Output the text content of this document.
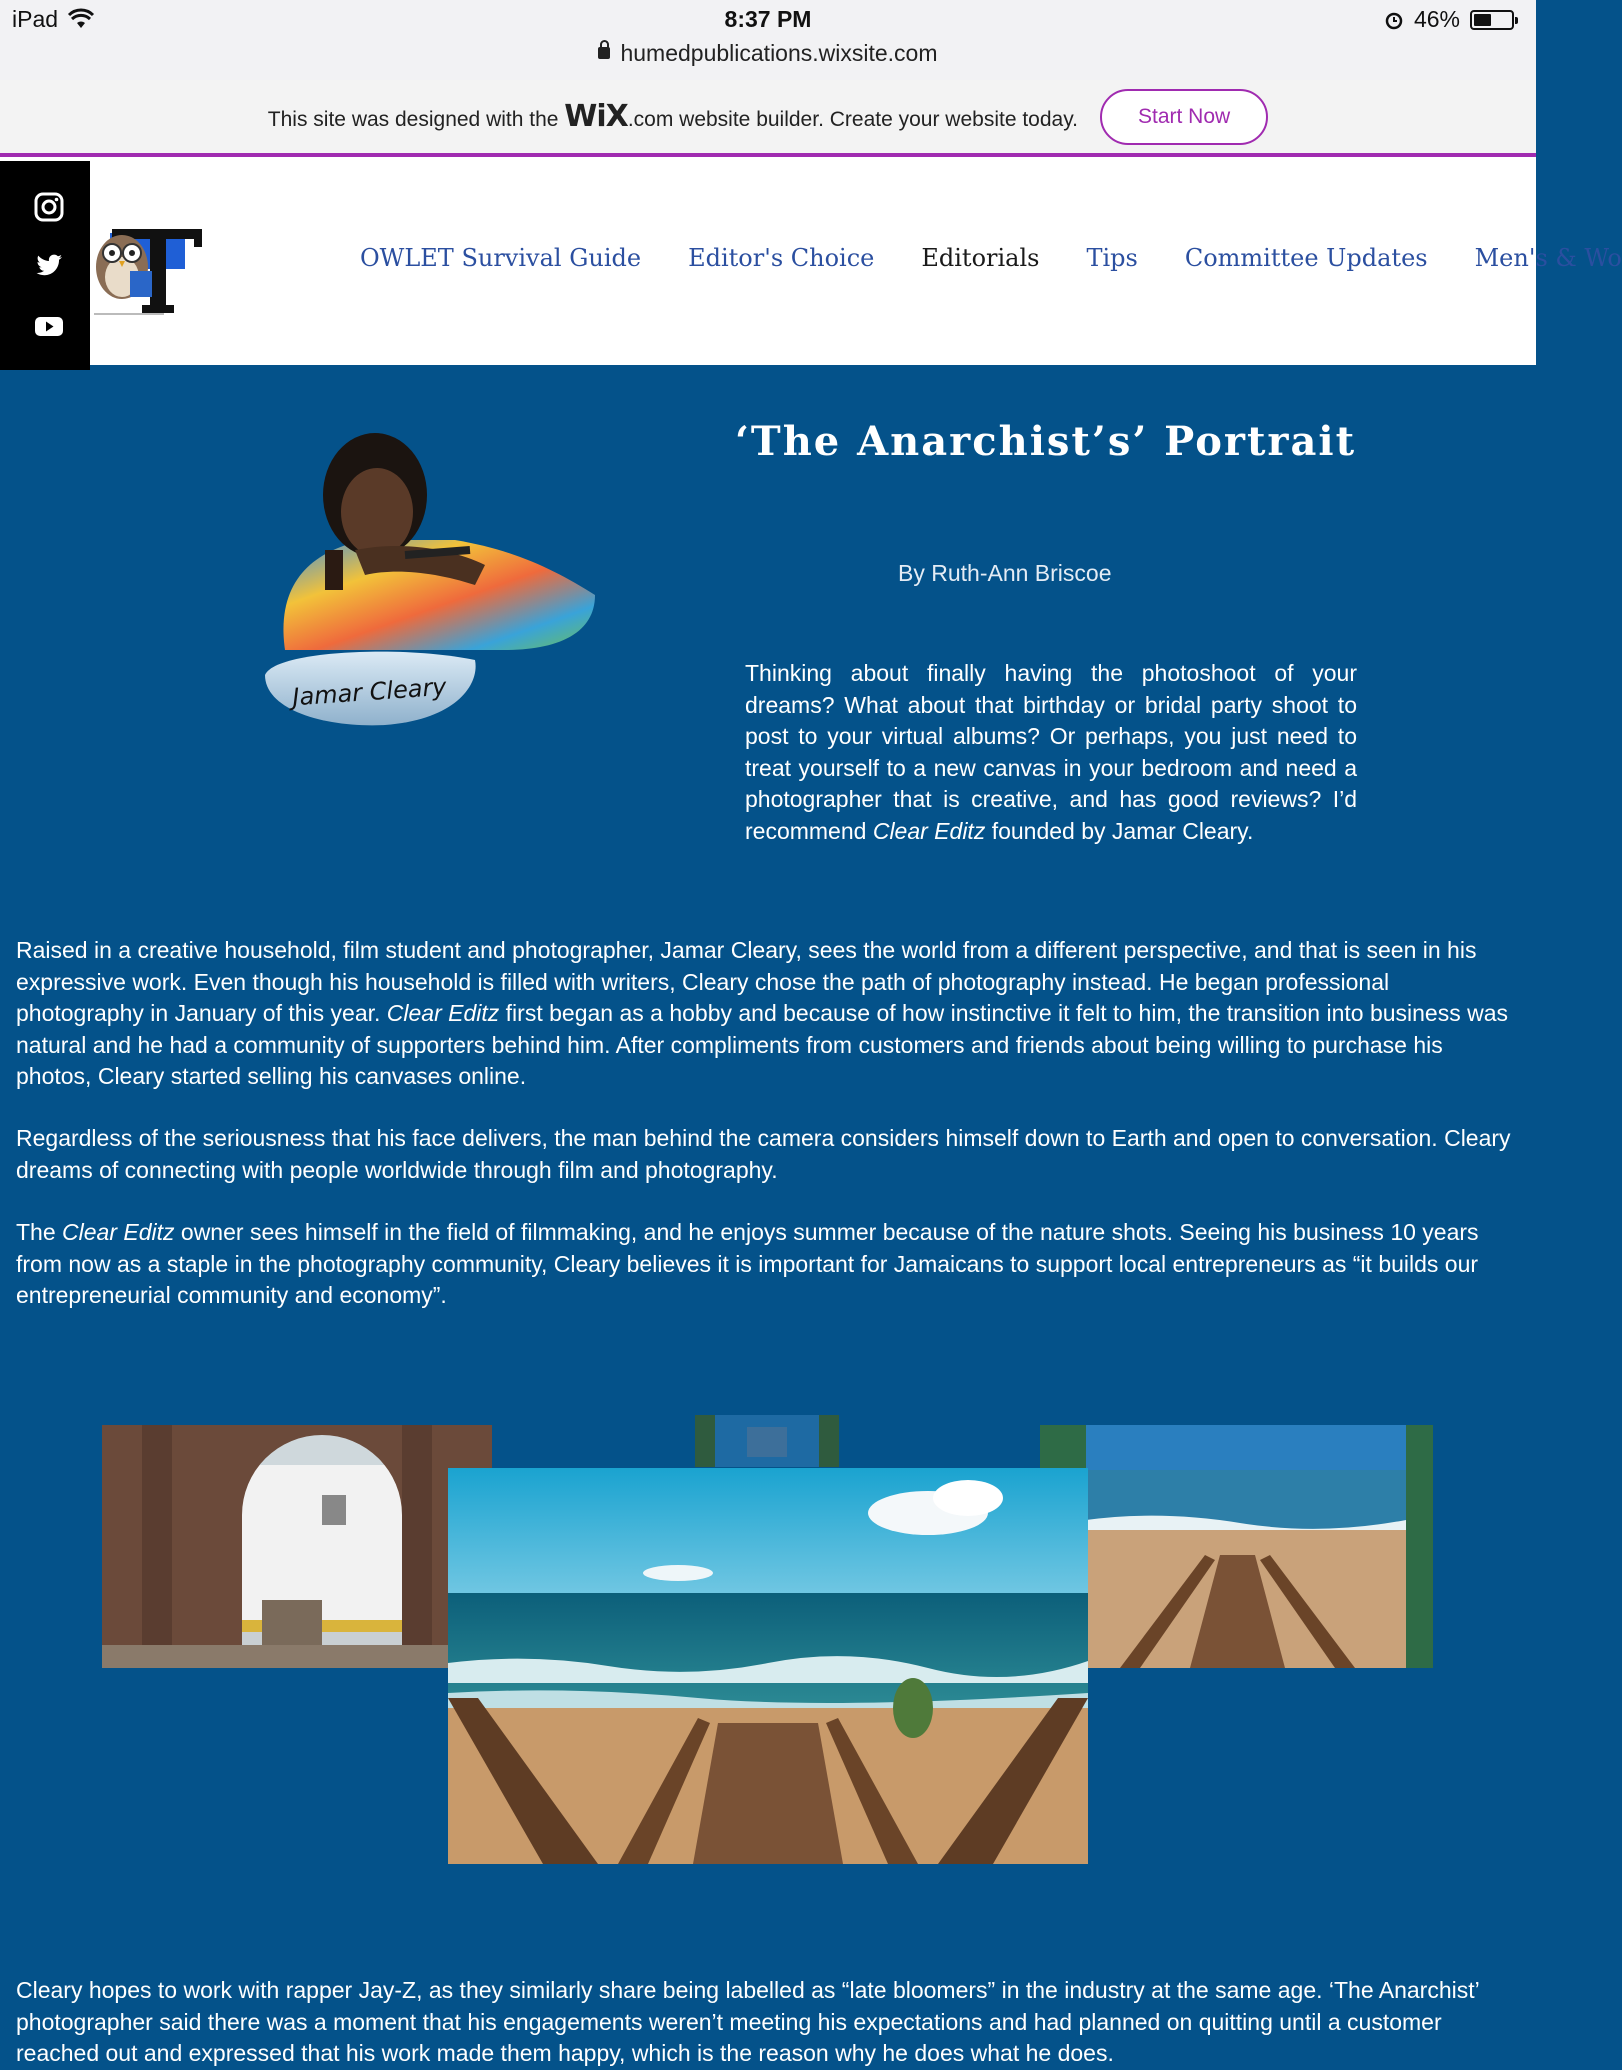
iPad	8:37 PM	46%
humedpublications.wixsite.com
This site was designed with the WiX.com website builder. Create your website today.	Start Now
OWLET Survival Guide Editor's Choice Editorials Tips Committee Updates Men's & Wo
Jamar Cleary
‘The Anarchist’s’ Portrait
By Ruth-Ann Briscoe

Thinking about finally having the photoshoot of your dreams? What about that birthday or bridal party shoot to post to your virtual albums? Or perhaps, you just need to treat yourself to a new canvas in your bedroom and need a photographer that is creative, and has good reviews? I’d recommend Clear Editz founded by Jamar Cleary.

Raised in a creative household, film student and photographer, Jamar Cleary, sees the world from a different perspective, and that is seen in his expressive work. Even though his household is filled with writers, Cleary chose the path of photography instead. He began professional photography in January of this year. Clear Editz first began as a hobby and because of how instinctive it felt to him, the transition into business was natural and he had a community of supporters behind him. After compliments from customers and friends about being willing to purchase his photos, Cleary started selling his canvases online.

Regardless of the seriousness that his face delivers, the man behind the camera considers himself down to Earth and open to conversation. Cleary dreams of connecting with people worldwide through film and photography.

The Clear Editz owner sees himself in the field of filmmaking, and he enjoys summer because of the nature shots. Seeing his business 10 years from now as a staple in the photography community, Cleary believes it is important for Jamaicans to support local entrepreneurs as “it builds our entrepreneurial community and economy”.

Cleary hopes to work with rapper Jay-Z, as they similarly share being labelled as “late bloomers” in the industry at the same age. ‘The Anarchist’ photographer said there was a moment that his engagements weren’t meeting his expectations and had planned on quitting until a customer reached out and expressed that his work made them happy, which is the reason why he does what he does.
